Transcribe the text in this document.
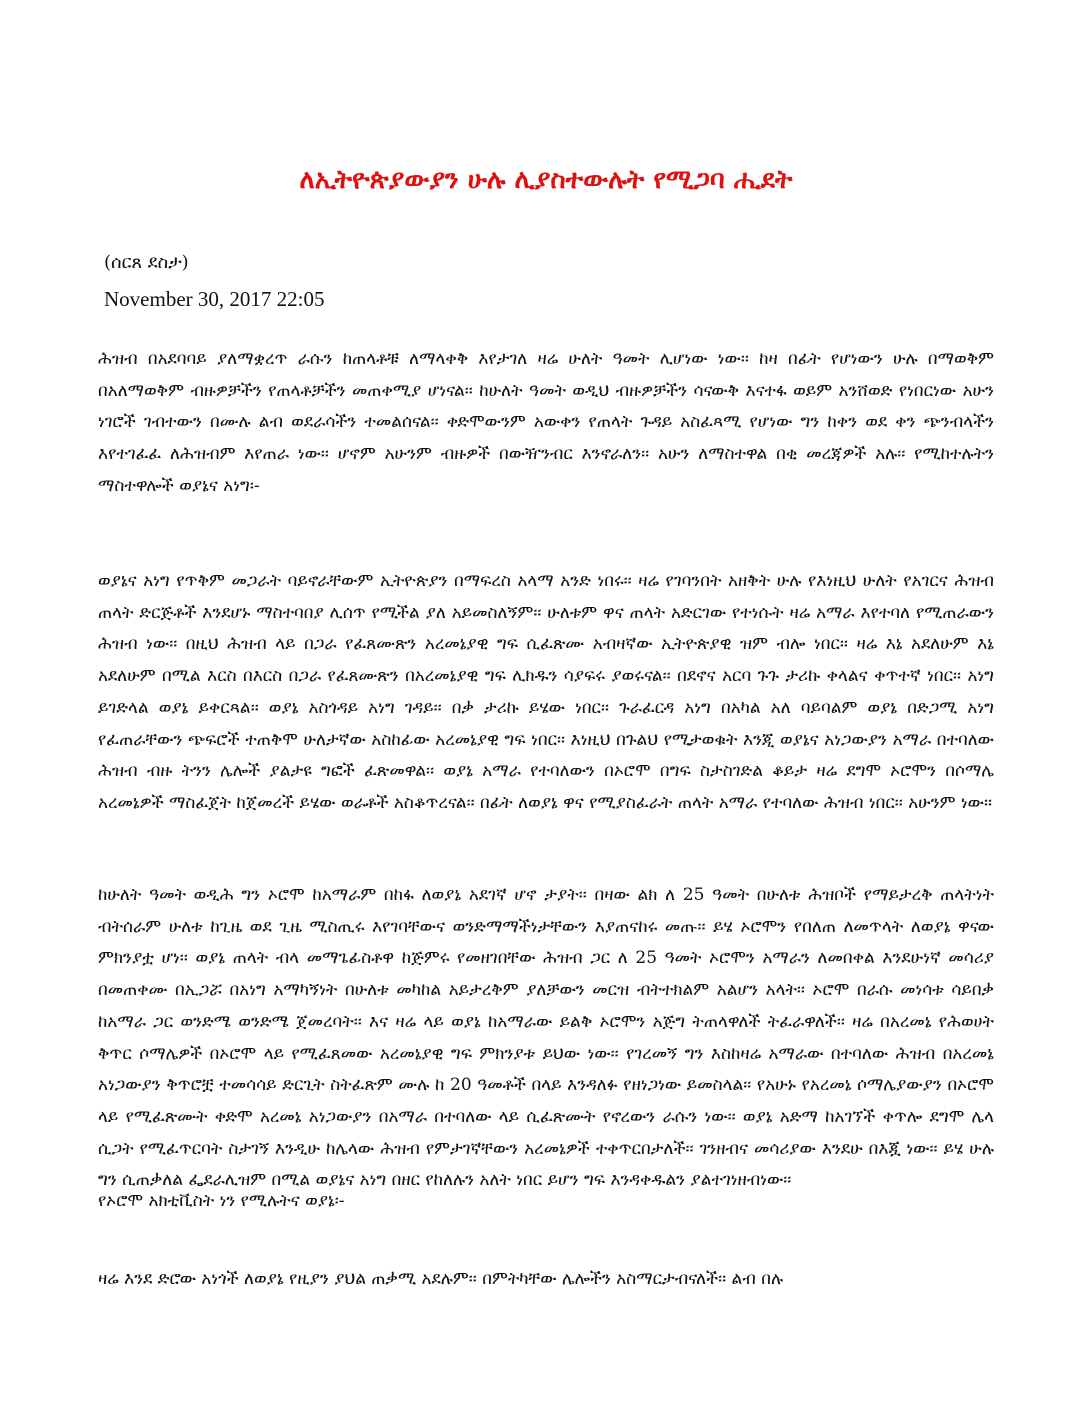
ለኢትዮጵያውያን ሁሉ ሊያስተውሉት የሚጋባ ሒደት
(ሰርጸ ደስታ)
November 30, 2017 22:05

ሕዝብ በአደባባይ ያለማቋረጥ ራሱን ከጠላቶቹ ለማላቀቅ እየታገለ ዛሬ ሁለት ዓመት ሊሆነው ነው፡፡ ከዛ በፊት የሆነውን ሁሉ በማወቅም በአለማወቅም ብዙዎቻችን የጠላቶቻችን መጠቀሚያ ሆነናል፡፡ ከሁለት ዓመት ወዲህ ብዙዎቻችን ሳናውቅ እናተፋ ወይም አንሸወድ የነበርነው አሁን ነገሮች ገብተውን በሙሉ ልብ ወደራሳችን ተመልሰናል፡፡ ቀድሞውንም አውቀን የጠላት ጉዳይ አስፈጻሚ የሆነው ግን ከቀን ወደ ቀን ጭንብላችን እየተገፈፈ ለሕዝብም እየጠራ ነው፡፡ ሆኖም አሁንም ብዙዎች በውዥንብር እንኖራለን፡፡ አሁን ለማስተዋል በቂ መረጃዎች አሉ፡፡ የሚከተሉትን ማስተዋሎች ወያኔና አነግ፡-

ወያኔና አነግ የጥቅም መጋራት ባይኖራቸውም ኢትዮጵያን በማፍረስ አላማ አንድ ነበሩ፡፡ ዛሬ የገባንበት አዘቅት ሁሉ የእነዚህ ሁለት የአገርና ሕዝብ ጠላት ድርጅቶች እንደሆኑ ማስተባበያ ሊሰጥ የሚችል ያለ አይመስለኝም፡፡ ሁለቱም ዋና ጠላት አድርገው የተነሱት ዛሬ አማራ እየተባለ የሚጠራውን ሕዝብ ነው፡፡ በዚህ ሕዝብ ላይ በጋራ የፈጸሙጽን አረመኔያዊ ግፍ ሲፈጽሙ አብዛኛው ኢትዮጵያዊ ዝም ብሎ ነበር፡፡ ዛሬ እኔ አደለሁም እኔ አደለሁም በሚል እርስ በእርስ በጋራ የፈጸሙጽን በአረመኔያዊ ግፍ ሊክዱን ሳያፍሩ ያወሩናል፡፡ በደኖና አርባ ጉጉ ታሪኩ ቀላልና ቀጥተኛ ነበር፡፡ አነግ ይገድላል ወያኔ ይቀርጻል፡፡ ወያኔ አስጎዳይ አነግ ገዳይ፡፡ በቃ ታሪኩ ይሄው ነበር፡፡ ጉራፈርዳ አነግ በአካል አለ ባይባልም ወያኔ በድጋሚ አነግ የፈጠራቸውን ጭፍሮች ተጠቅሞ ሁለታኛው አስከፊው አረመኔያዊ ግፍ ነበር፡፡ እነዚህ በጉልህ የሚታወቁት እንጂ ወያኔና አነጋውያን አማራ በተባለው ሕዝብ ብዙ ትንን ሌሎች ያልታዩ ግፎች ፈጽመዋል፡፡ ወያኔ አማራ የተባለውን በኦሮሞ በግፍ ስታስገድል ቆይታ ዛሬ ደግሞ ኦሮሞን በሶማሌ አረመኔዎች ማስፈጀት ከጀመረች ይሄው ወራቶች አስቆጥረናል፡፡ በፊት ለወያኔ ዋና የሚያስፈራት ጠላት አማራ የተባለው ሕዝብ ነበር፡፡ አሁንም ነው፡፡

ከሁለት ዓመት ወዲሕ ግን ኦሮሞ ከአማራም በከፋ ለወያኔ አደገኛ ሆኖ ታያት፡፡ በዛው ልክ ለ 25 ዓመት በሁለቱ ሕዝቦች የማይታረቅ ጠላትነት ብትሰራም ሁለቱ ከጊዜ ወደ ጊዜ ሚስጢሩ እየገባቸውና ወንድማማችነታቸውን እያጠናከሩ መጡ፡፡ ይሄ ኦሮሞን የበለጠ ለመጥላት ለወያኔ ዋናው ምክንያቷ ሆነ፡፡ ወያኔ ጠላት ብላ መማጌፊስቶዋ ከጅምሩ የመዘገበቸው ሕዝብ ጋር ለ 25 ዓመት ኦሮሞን አማራን ለመበቀል እንደሁነኛ መሳሪያ በመጠቀሙ በኢጋሯ በአነግ አማካኝነት በሁለቱ መካከል አይታረቅም ያለቻውን መርዝ ብትተክልም አልሆን አላት፡፡ ኦሮሞ በራሱ መነሳቱ ሳይበቃ ከአማራ ጋር ወንድሜ ወንድሜ ጀመረባት፡፡ እና ዛሬ ላይ ወያኔ ከአማራው ይልቅ ኦሮሞን አጅግ ትጠላዋለች ትፈራዋለች፡፡ ዛሬ በአረመኔ የሕወሀት ቅጥር ሶማሌዎች በኦሮሞ ላይ የሚፈጸመው አረመኔያዊ ግፍ ምክንያቱ ይህው ነው፡፡ የገረመኝ ግን እስከዛሬ አማራው በተባለው ሕዝብ በአረመኔ አነጋውያን ቅጥሮቿ ተመሳሳይ ድርጊት ስትፈጽም ሙሉ ከ 20 ዓመቶች በላይ እንዳለፉ የዘነጋነው ይመስላል፡፡ የአሁኑ የአረመኔ ሶማሌያውያን በኦሮሞ ላይ የሚፈጽሙት ቀድሞ አረመኔ አነጋውያን በአማራ በተባለው ላይ ሲፈጽሙት የኖረውን ራሱን ነው፡፡ ወያኔ አድማ ከአገኘች ቀጥሎ ደግሞ ሌላ ሲጋት የሚፈጥርባት ስታገኝ እንዲሁ ከሌላው ሕዝብ የምታገኛቸውን አረመኔዎች ተቀጥርበታለች፡፡ ገንዘብና መሳሪያው እንደሁ በእጇ ነው፡፡ ይሄ ሁሉ ግን ሲጠቃለል ፌደራሊዝም በሚል ወያኔና አነግ በዘር የከለሉን አለት ነበር ይሆን ግፍ እንዳቀዱልን ያልተገነዘብነው፡፡

የኦሮሞ አክቲቪስት ነን የሚሉትና ወያኔ፡-

ዛሬ እንደ ድሮው አነጎች ለወያኔ የዚያን ያህል ጠቃሚ አደሉም፡፡ በምትካቸው ሌሎችን አስማርታብናለች፡፡ ልብ በሉ
